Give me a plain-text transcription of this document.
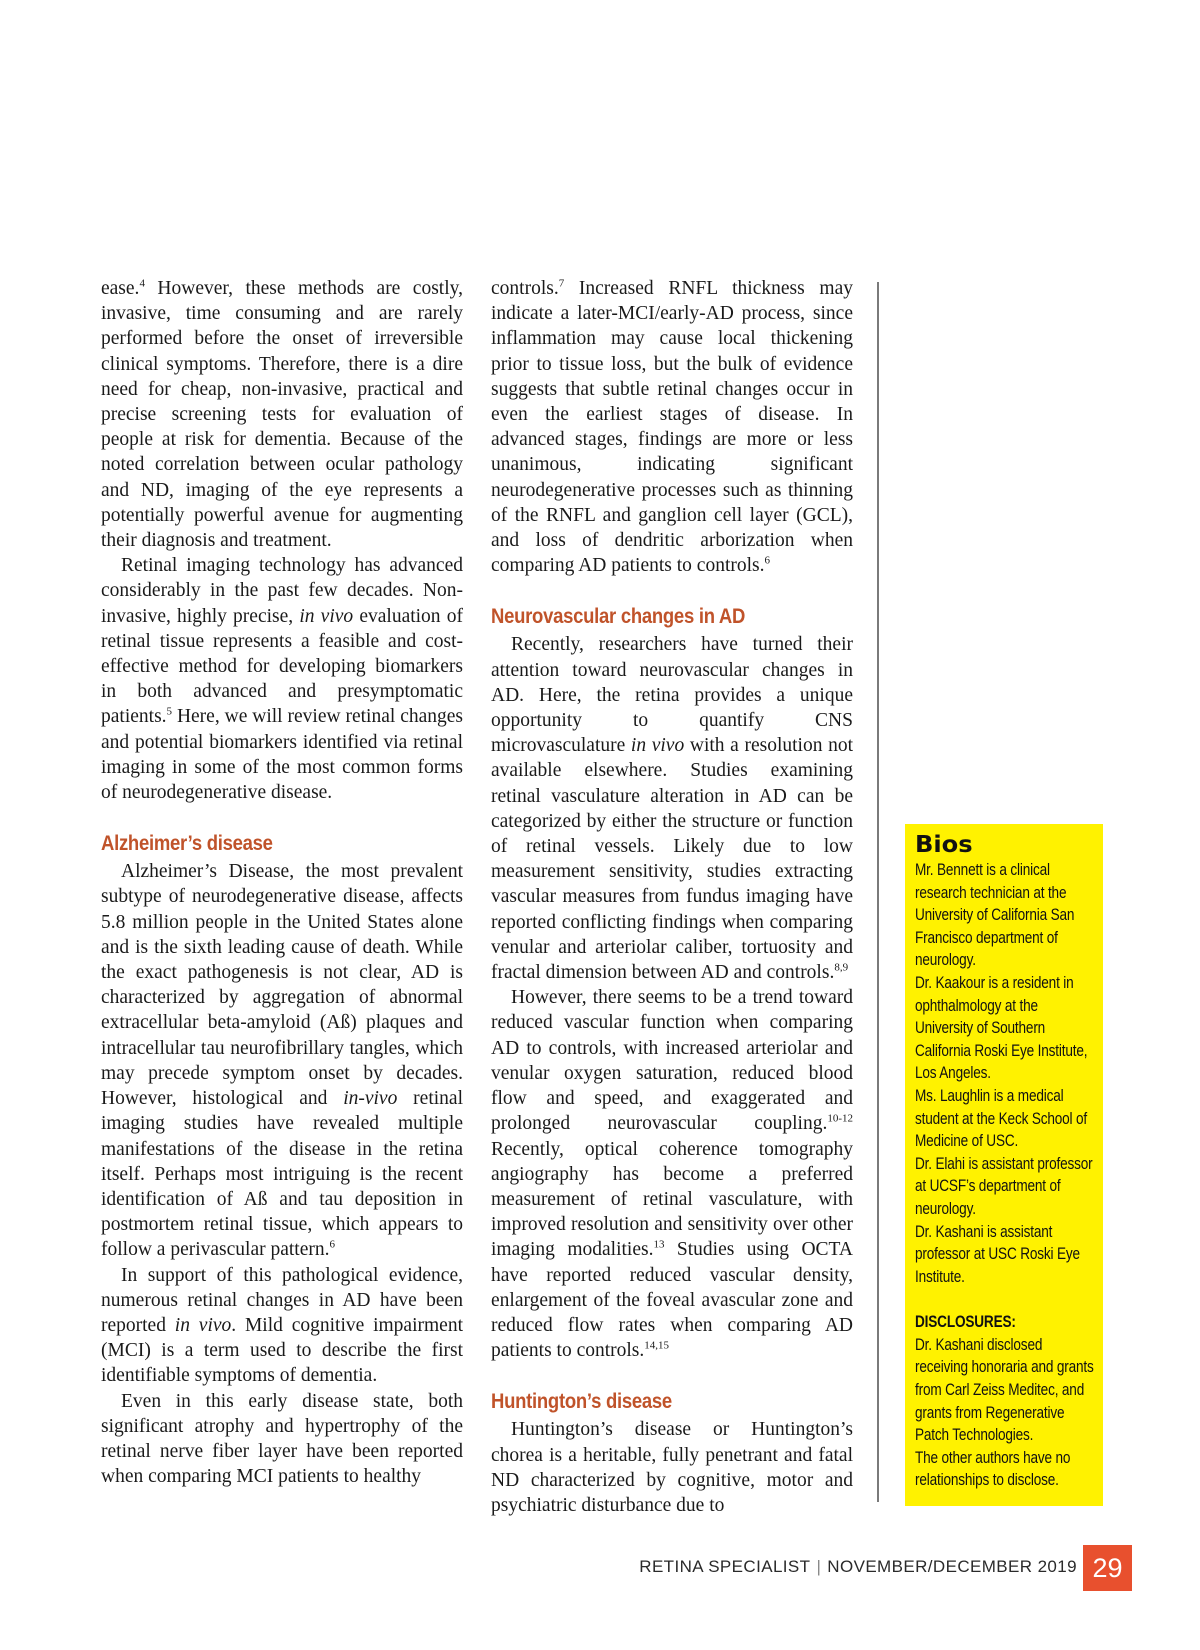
ease.$^4$ However, these methods are costly, invasive, time consuming and are rarely performed before the onset of irreversible clinical symptoms. Therefore, there is a dire need for cheap, non-invasive, practical and precise screening tests for evaluation of people at risk for dementia. Because of the noted correlation between ocular pathology and ND, imaging of the eye represents a potentially powerful avenue for augmenting their diagnosis and treatment.

Retinal imaging technology has advanced considerably in the past few decades. Non-invasive, highly precise, in vivo evaluation of retinal tissue represents a feasible and cost-effective method for developing biomarkers in both advanced and presymptomatic patients.$^5$ Here, we will review retinal changes and potential biomarkers identified via retinal imaging in some of the most common forms of neurodegenerative disease.

Alzheimer’s disease

Alzheimer’s Disease, the most prevalent subtype of neurodegenerative disease, affects 5.8 million people in the United States alone and is the sixth leading cause of death. While the exact pathogenesis is not clear, AD is characterized by aggregation of abnormal extracellular beta-amyloid (Aß) plaques and intracellular tau neurofibrillary tangles, which may precede symptom onset by decades. However, histological and in-vivo retinal imaging studies have revealed multiple manifestations of the disease in the retina itself. Perhaps most intriguing is the recent identification of Aß and tau deposition in postmortem retinal tissue, which appears to follow a perivascular pattern.$^6$

In support of this pathological evidence, numerous retinal changes in AD have been reported in vivo. Mild cognitive impairment (MCI) is a term used to describe the first identifiable symptoms of dementia.

Even in this early disease state, both significant atrophy and hypertrophy of the retinal nerve fiber layer have been reported when comparing MCI patients to healthy

controls.$^7$ Increased RNFL thickness may indicate a later-MCI/early-AD process, since inflammation may cause local thickening prior to tissue loss, but the bulk of evidence suggests that subtle retinal changes occur in even the earliest stages of disease. In advanced stages, findings are more or less unanimous, indicating significant neurodegenerative processes such as thinning of the RNFL and ganglion cell layer (GCL), and loss of dendritic arborization when comparing AD patients to controls.$^6$

Neurovascular changes in AD

Recently, researchers have turned their attention toward neurovascular changes in AD. Here, the retina provides a unique opportunity to quantify CNS microvasculature in vivo with a resolution not available elsewhere. Studies examining retinal vasculature alteration in AD can be categorized by either the structure or function of retinal vessels. Likely due to low measurement sensitivity, studies extracting vascular measures from fundus imaging have reported conflicting findings when comparing venular and arteriolar caliber, tortuosity and fractal dimension between AD and controls.$^{8,9}$

However, there seems to be a trend toward reduced vascular function when comparing AD to controls, with increased arteriolar and venular oxygen saturation, reduced blood flow and speed, and exaggerated and prolonged neurovascular coupling.$^{10-12}$ Recently, optical coherence tomography angiography has become a preferred measurement of retinal vasculature, with improved resolution and sensitivity over other imaging modalities.$^{13}$ Studies using OCTA have reported reduced vascular density, enlargement of the foveal avascular zone and reduced flow rates when comparing AD patients to controls.$^{14,15}$

Huntington’s disease

Huntington’s disease or Huntington’s chorea is a heritable, fully penetrant and fatal ND characterized by cognitive, motor and psychiatric disturbance due to

Bios

Mr. Bennett is a clinical research technician at the University of California San Francisco department of neurology.

Dr. Kaakour is a resident in ophthalmology at the University of Southern California Roski Eye Institute, Los Angeles.

Ms. Laughlin is a medical student at the Keck School of Medicine of USC.

Dr. Elahi is assistant professor at UCSF’s department of neurology.

Dr. Kashani is assistant professor at USC Roski Eye Institute.

DISCLOSURES:

Dr. Kashani disclosed receiving honoraria and grants from Carl Zeiss Meditec, and grants from Regenerative Patch Technologies.

The other authors have no relationships to disclose.

RETINA SPECIALIST | NOVEMBER/DECEMBER 2019 29
